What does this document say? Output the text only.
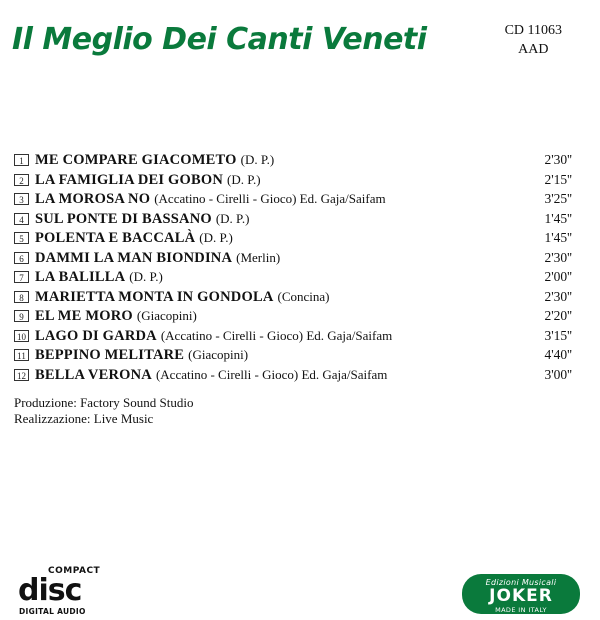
Il Meglio Dei Canti Veneti	CD 11063
AAD
1 ME COMPARE GIACOMETO (D. P.)	2'30''
2 LA FAMIGLIA DEI GOBON (D. P.)	2'15''
3 LA MOROSA NO (Accatino - Cirelli - Gioco) Ed. Gaja/Saifam	3'25''
4 SUL PONTE DI BASSANO (D. P.)	1'45''
5 POLENTA E BACCALÀ (D. P.)	1'45''
6 DAMMI LA MAN BIONDINA (Merlin)	2'30''
7 LA BALILLA (D. P.)	2'00''
8 MARIETTA MONTA IN GONDOLA (Concina)	2'30''
9 EL ME MORO (Giacopini)	2'20''
10 LAGO DI GARDA (Accatino - Cirelli - Gioco) Ed. Gaja/Saifam	3'15''
11 BEPPINO MELITARE (Giacopini)	4'40''
12 BELLA VERONA (Accatino - Cirelli - Gioco) Ed. Gaja/Saifam	3'00''
Produzione: Factory Sound Studio
Realizzazione: Live Music
COMPACT
disc
DIGITAL AUDIO
Edizioni Musicali
JOKER
MADE IN ITALY
